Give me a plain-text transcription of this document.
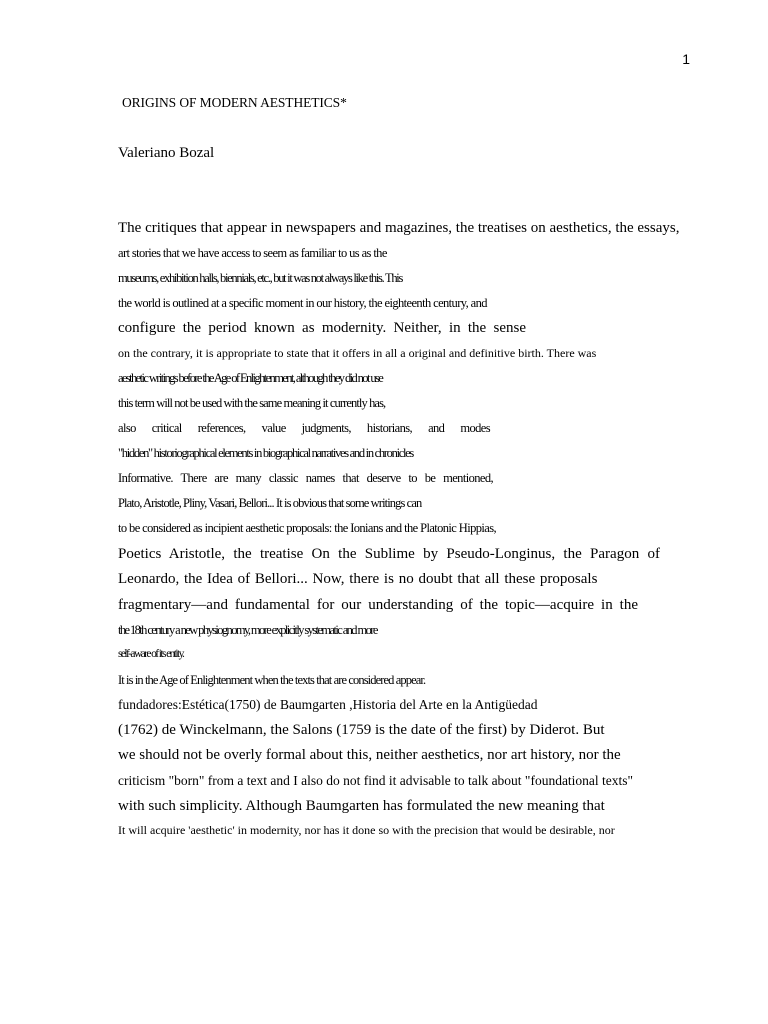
1
ORIGINS OF MODERN AESTHETICS*
Valeriano Bozal
The critiques that appear in newspapers and magazines, the treatises on aesthetics, the essays,
art stories that we have access to seem as familiar to us as the
museums, exhibition halls, biennials, etc., but it was not always like this. This
the world is outlined at a specific moment in our history, the eighteenth century, and
configure the period known as modernity. Neither, in the sense
on the contrary, it is appropriate to state that it offers in all a original and definitive birth. There was
aesthetic writings before the Age of Enlightenment, although they did not use
this term will not be used with the same meaning it currently has,
also critical references, value judgments, historians, and modes
"hidden" historiographical elements in biographical narratives and in chronicles
Informative. There are many classic names that deserve to be mentioned,
Plato, Aristotle, Pliny, Vasari, Bellori... It is obvious that some writings can
to be considered as incipient aesthetic proposals: the Ionians and the Platonic Hippias,
Poetics Aristotle, the treatise On the Sublime by Pseudo-Longinus, the Paragon of
Leonardo, the Idea of Bellori... Now, there is no doubt that all these proposals
fragmentary—and fundamental for our understanding of the topic—acquire in the
the 18th century a new physiognomy, more explicitly systematic and more
self-aware of its entity.
It is in the Age of Enlightenment when the texts that are considered appear.
fundadores:Estética(1750) de Baumgarten ,Historia del Arte en la Antigüedad
(1762) de Winckelmann, the Salons (1759 is the date of the first) by Diderot. But
we should not be overly formal about this, neither aesthetics, nor art history, nor the
criticism "born" from a text and I also do not find it advisable to talk about "foundational texts"
with such simplicity. Although Baumgarten has formulated the new meaning that
It will acquire 'aesthetic' in modernity, nor has it done so with the precision that would be desirable, nor
